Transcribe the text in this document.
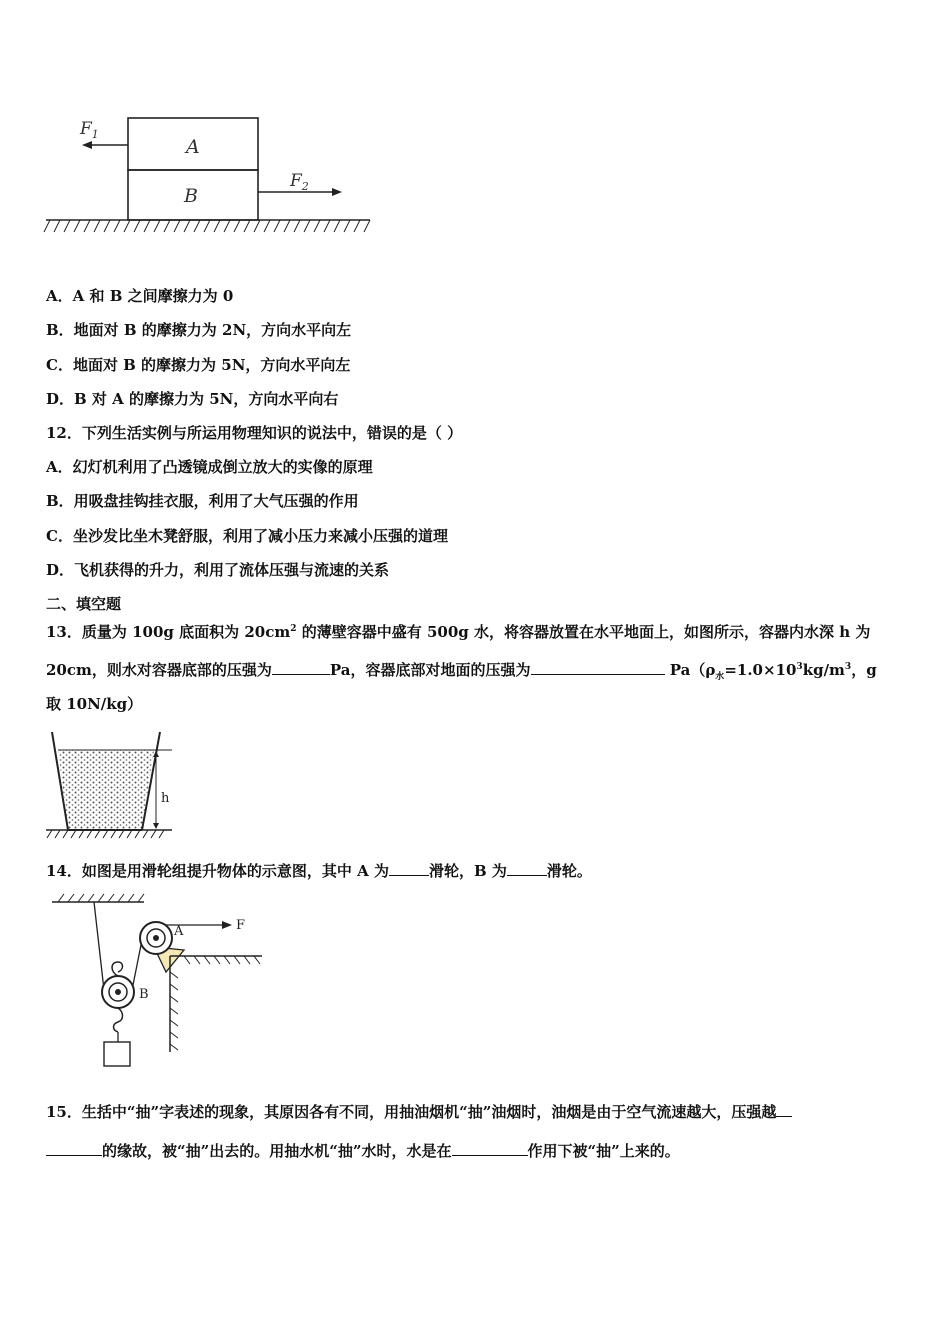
A
B
$F_1$
$F_2$
A．A 和 B 之间摩擦力为 0
B．地面对 B 的摩擦力为 2N，方向水平向左
C．地面对 B 的摩擦力为 5N，方向水平向左
D．B 对 A 的摩擦力为 5N，方向水平向右
12．下列生活实例与所运用物理知识的说法中，错误的是（ ）
A．幻灯机利用了凸透镜成倒立放大的实像的原理
B．用吸盘挂钩挂衣服，利用了大气压强的作用
C．坐沙发比坐木凳舒服，利用了减小压力来减小压强的道理
D．飞机获得的升力，利用了流体压强与流速的关系
二、填空题
13．质量为 100g 底面积为 $20cm^2$ 的薄壁容器中盛有 500g 水，将容器放置在水平地面上，如图所示，容器内水深 h 为
20cm，则水对容器底部的压强为	Pa，容器底部对地面的压强为	$Pa(\rho_水=1.0\times 10^3kg/m^3$，g
取 10N/kg）
h
14．如图是用滑轮组提升物体的示意图，其中 A 为	滑轮，B 为	滑轮。
F
A
B
15．生括中“抽”字表述的现象，其原因各有不同，用抽油烟机“抽”油烟时，油烟是由于空气流速越大，压强越
的缘故，被“抽”出去的。用抽水机“抽”水时，水是在	作用下被“抽”上来的。
